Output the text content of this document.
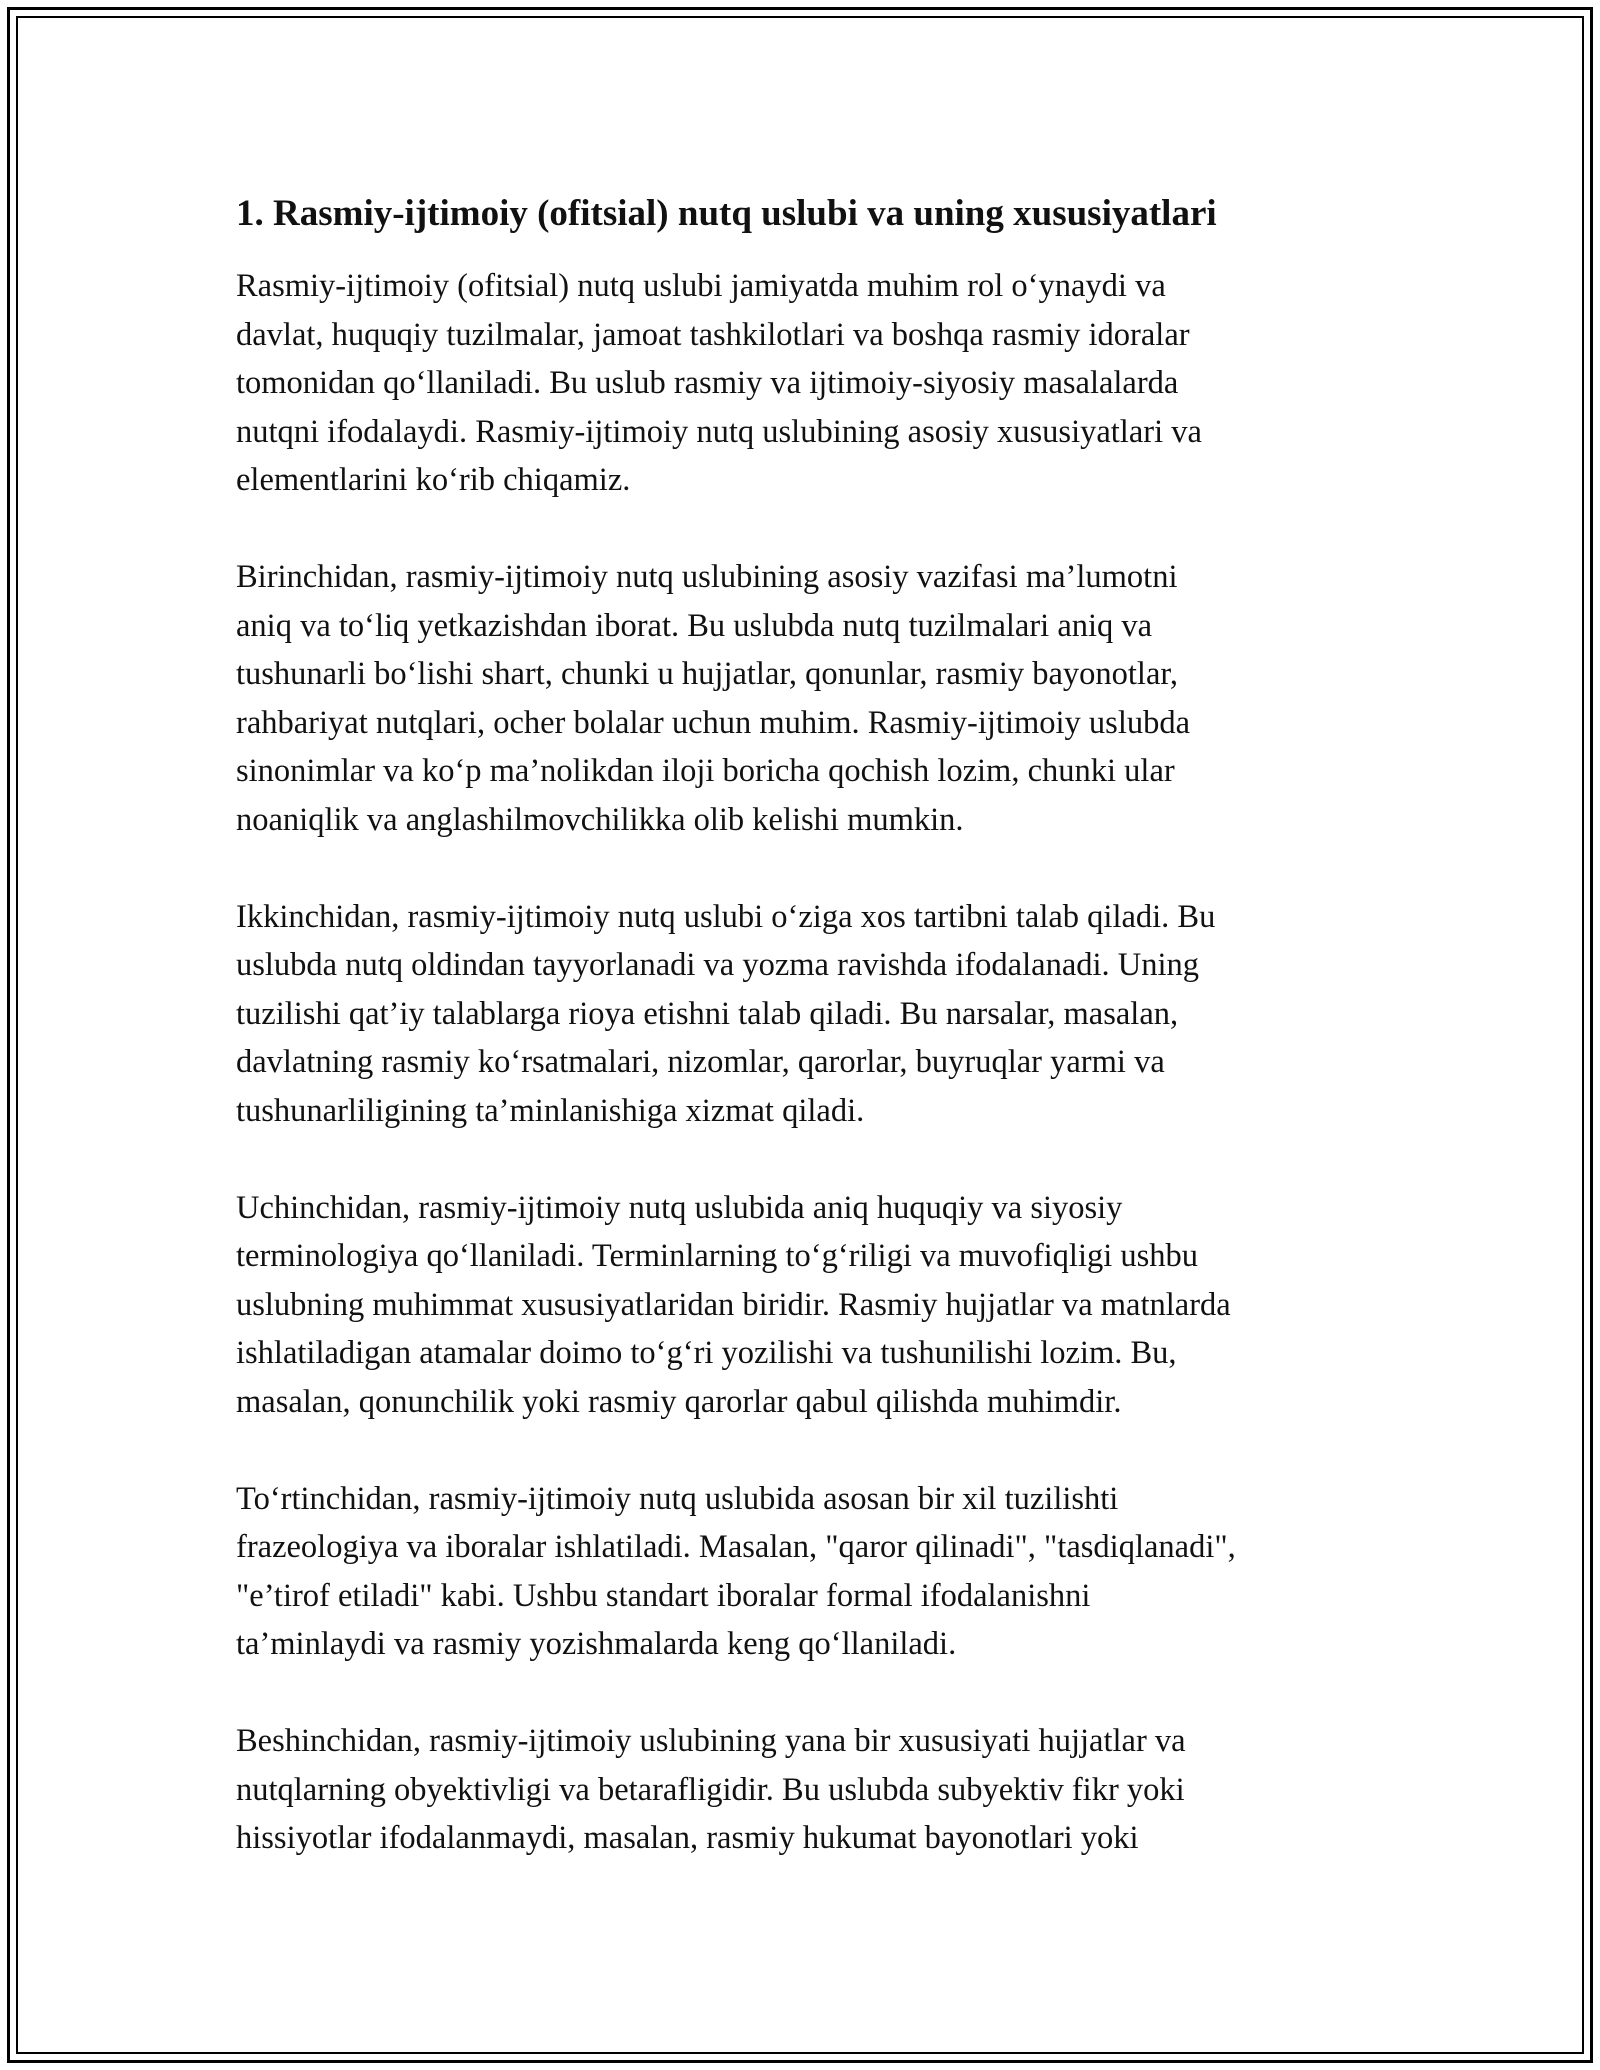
1. Rasmiy-ijtimoiy (ofitsial) nutq uslubi va uning xususiyatlari

Rasmiy-ijtimoiy (ofitsial) nutq uslubi jamiyatda muhim rol o‘ynaydi va
davlat, huquqiy tuzilmalar, jamoat tashkilotlari va boshqa rasmiy idoralar
tomonidan qo‘llaniladi. Bu uslub rasmiy va ijtimoiy-siyosiy masalalarda
nutqni ifodalaydi. Rasmiy-ijtimoiy nutq uslubining asosiy xususiyatlari va
elementlarini ko‘rib chiqamiz.

Birinchidan, rasmiy-ijtimoiy nutq uslubining asosiy vazifasi ma’lumotni
aniq va to‘liq yetkazishdan iborat. Bu uslubda nutq tuzilmalari aniq va
tushunarli bo‘lishi shart, chunki u hujjatlar, qonunlar, rasmiy bayonotlar,
rahbariyat nutqlari, ocher bolalar uchun muhim. Rasmiy-ijtimoiy uslubda
sinonimlar va ko‘p ma’nolikdan iloji boricha qochish lozim, chunki ular
noaniqlik va anglashilmovchilikka olib kelishi mumkin.

Ikkinchidan, rasmiy-ijtimoiy nutq uslubi o‘ziga xos tartibni talab qiladi. Bu
uslubda nutq oldindan tayyorlanadi va yozma ravishda ifodalanadi. Uning
tuzilishi qat’iy talablarga rioya etishni talab qiladi. Bu narsalar, masalan,
davlatning rasmiy ko‘rsatmalari, nizomlar, qarorlar, buyruqlar yarmi va
tushunarliligining ta’minlanishiga xizmat qiladi.

Uchinchidan, rasmiy-ijtimoiy nutq uslubida aniq huquqiy va siyosiy
terminologiya qo‘llaniladi. Terminlarning to‘g‘riligi va muvofiqligi ushbu
uslubning muhimmat xususiyatlaridan biridir. Rasmiy hujjatlar va matnlarda
ishlatiladigan atamalar doimo to‘g‘ri yozilishi va tushunilishi lozim. Bu,
masalan, qonunchilik yoki rasmiy qarorlar qabul qilishda muhimdir.

To‘rtinchidan, rasmiy-ijtimoiy nutq uslubida asosan bir xil tuzilishti
frazeologiya va iboralar ishlatiladi. Masalan, "qaror qilinadi", "tasdiqlanadi",
"e’tirof etiladi" kabi. Ushbu standart iboralar formal ifodalanishni
ta’minlaydi va rasmiy yozishmalarda keng qo‘llaniladi.

Beshinchidan, rasmiy-ijtimoiy uslubining yana bir xususiyati hujjatlar va
nutqlarning obyektivligi va betarafligidir. Bu uslubda subyektiv fikr yoki
hissiyotlar ifodalanmaydi, masalan, rasmiy hukumat bayonotlari yoki
